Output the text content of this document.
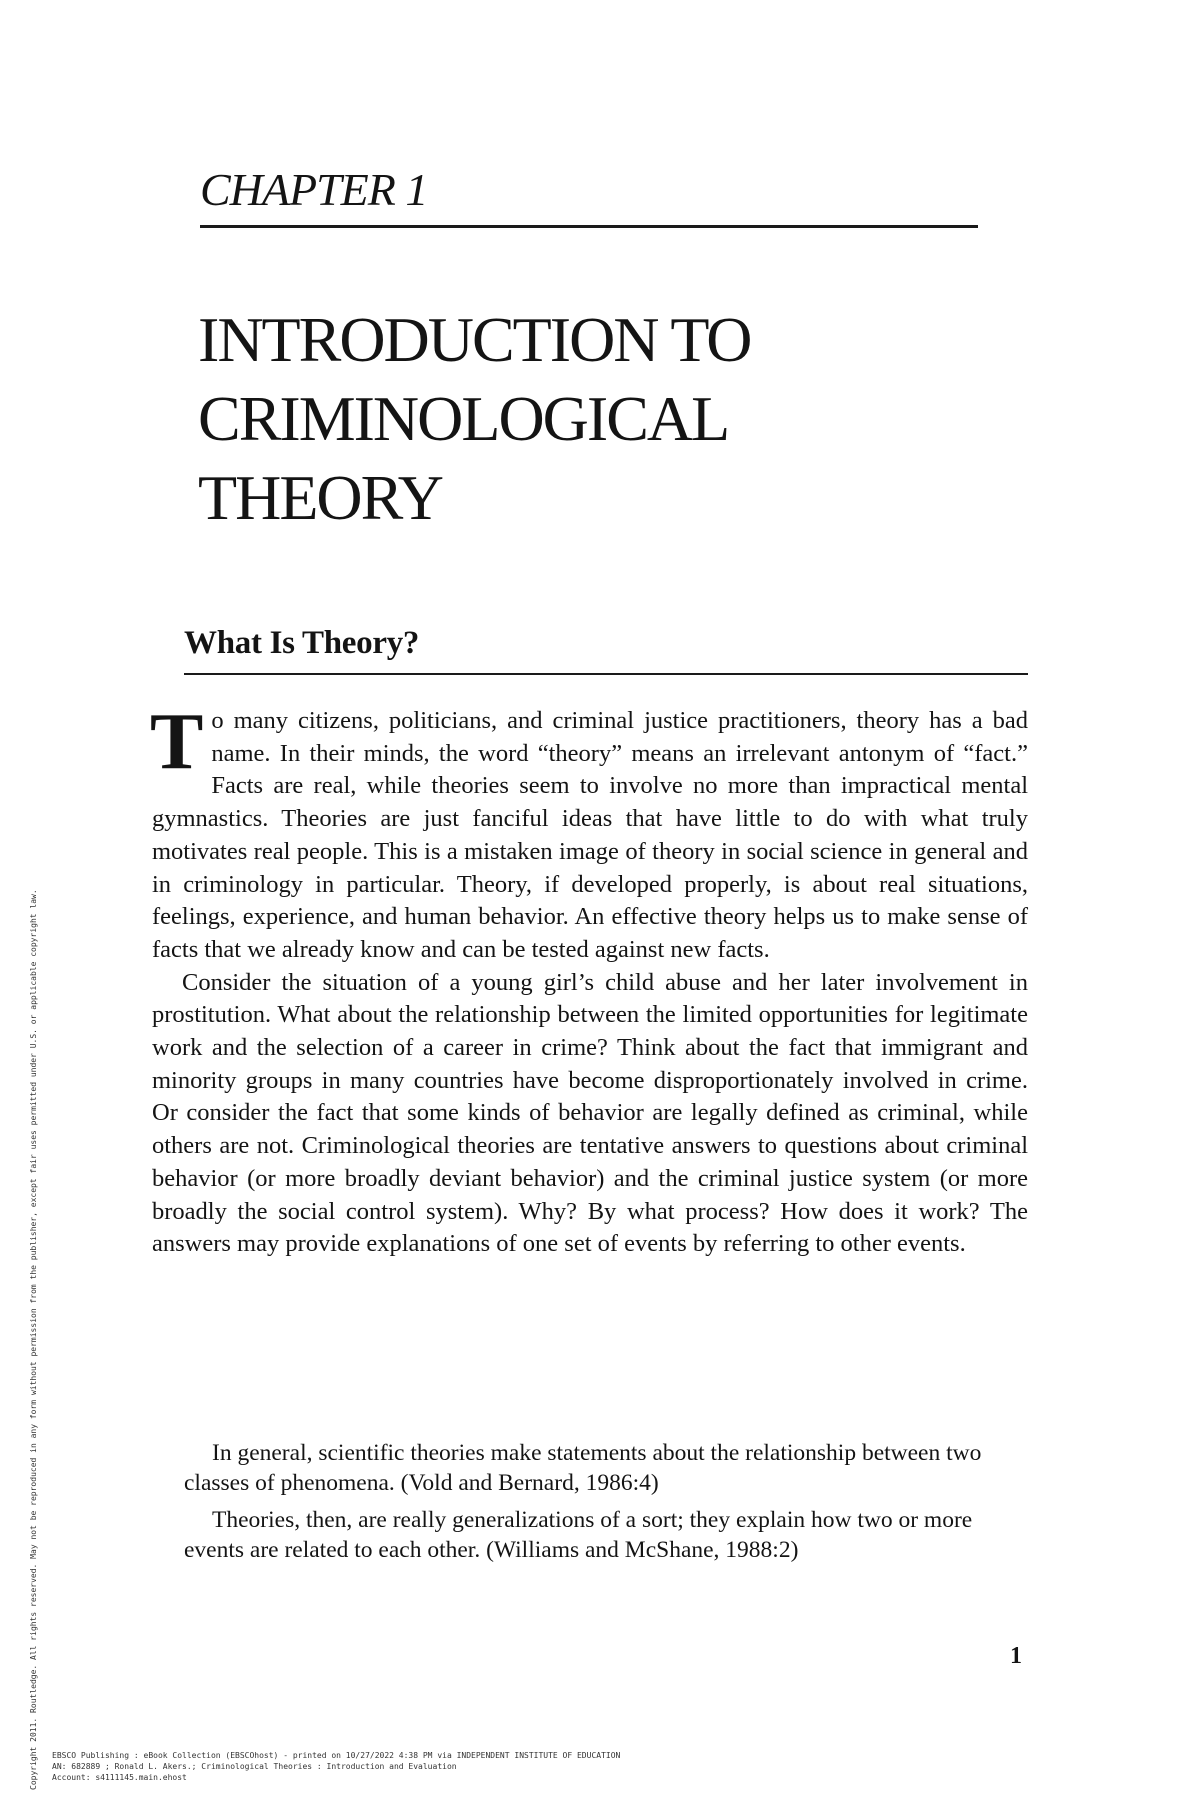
CHAPTER 1
INTRODUCTION TO
CRIMINOLOGICAL
THEORY
What Is Theory?

To many citizens, politicians, and criminal justice practitioners, theory has a bad name. In their minds, the word “theory” means an irrelevant antonym of “fact.” Facts are real, while theories seem to involve no more than impractical mental gymnastics. Theories are just fanciful ideas that have little to do with what truly motivates real people. This is a mistaken image of theory in social science in general and in criminology in particular. Theory, if developed properly, is about real situations, feelings, experience, and human behavior. An effective theory helps us to make sense of facts that we already know and can be tested against new facts.

Consider the situation of a young girl’s child abuse and her later involvement in prostitution. What about the relationship between the limited opportunities for legitimate work and the selection of a career in crime? Think about the fact that immigrant and minority groups in many countries have become disproportionately involved in crime. Or consider the fact that some kinds of behavior are legally defined as criminal, while others are not. Criminological theories are tentative answers to questions about criminal behavior (or more broadly deviant behavior) and the criminal justice system (or more broadly the social control system). Why? By what process? How does it work? The answers may provide explanations of one set of events by referring to other events.

In general, scientific theories make statements about the relationship between two classes of phenomena. (Vold and Bernard, 1986:4)

Theories, then, are really generalizations of a sort; they explain how two or more events are related to each other. (Williams and McShane, 1988:2)

1
Copyright 2011. Routledge. All rights reserved. May not be reproduced in any form without permission from the publisher, except fair uses permitted under U.S. or applicable copyright law. EBSCO Publishing : eBook Collection (EBSCOhost) - printed on 10/27/2022 4:38 PM via INDEPENDENT INSTITUTE OF EDUCATION
AN: 682889 ; Ronald L. Akers.; Criminological Theories : Introduction and Evaluation
Account: s4111145.main.ehost
